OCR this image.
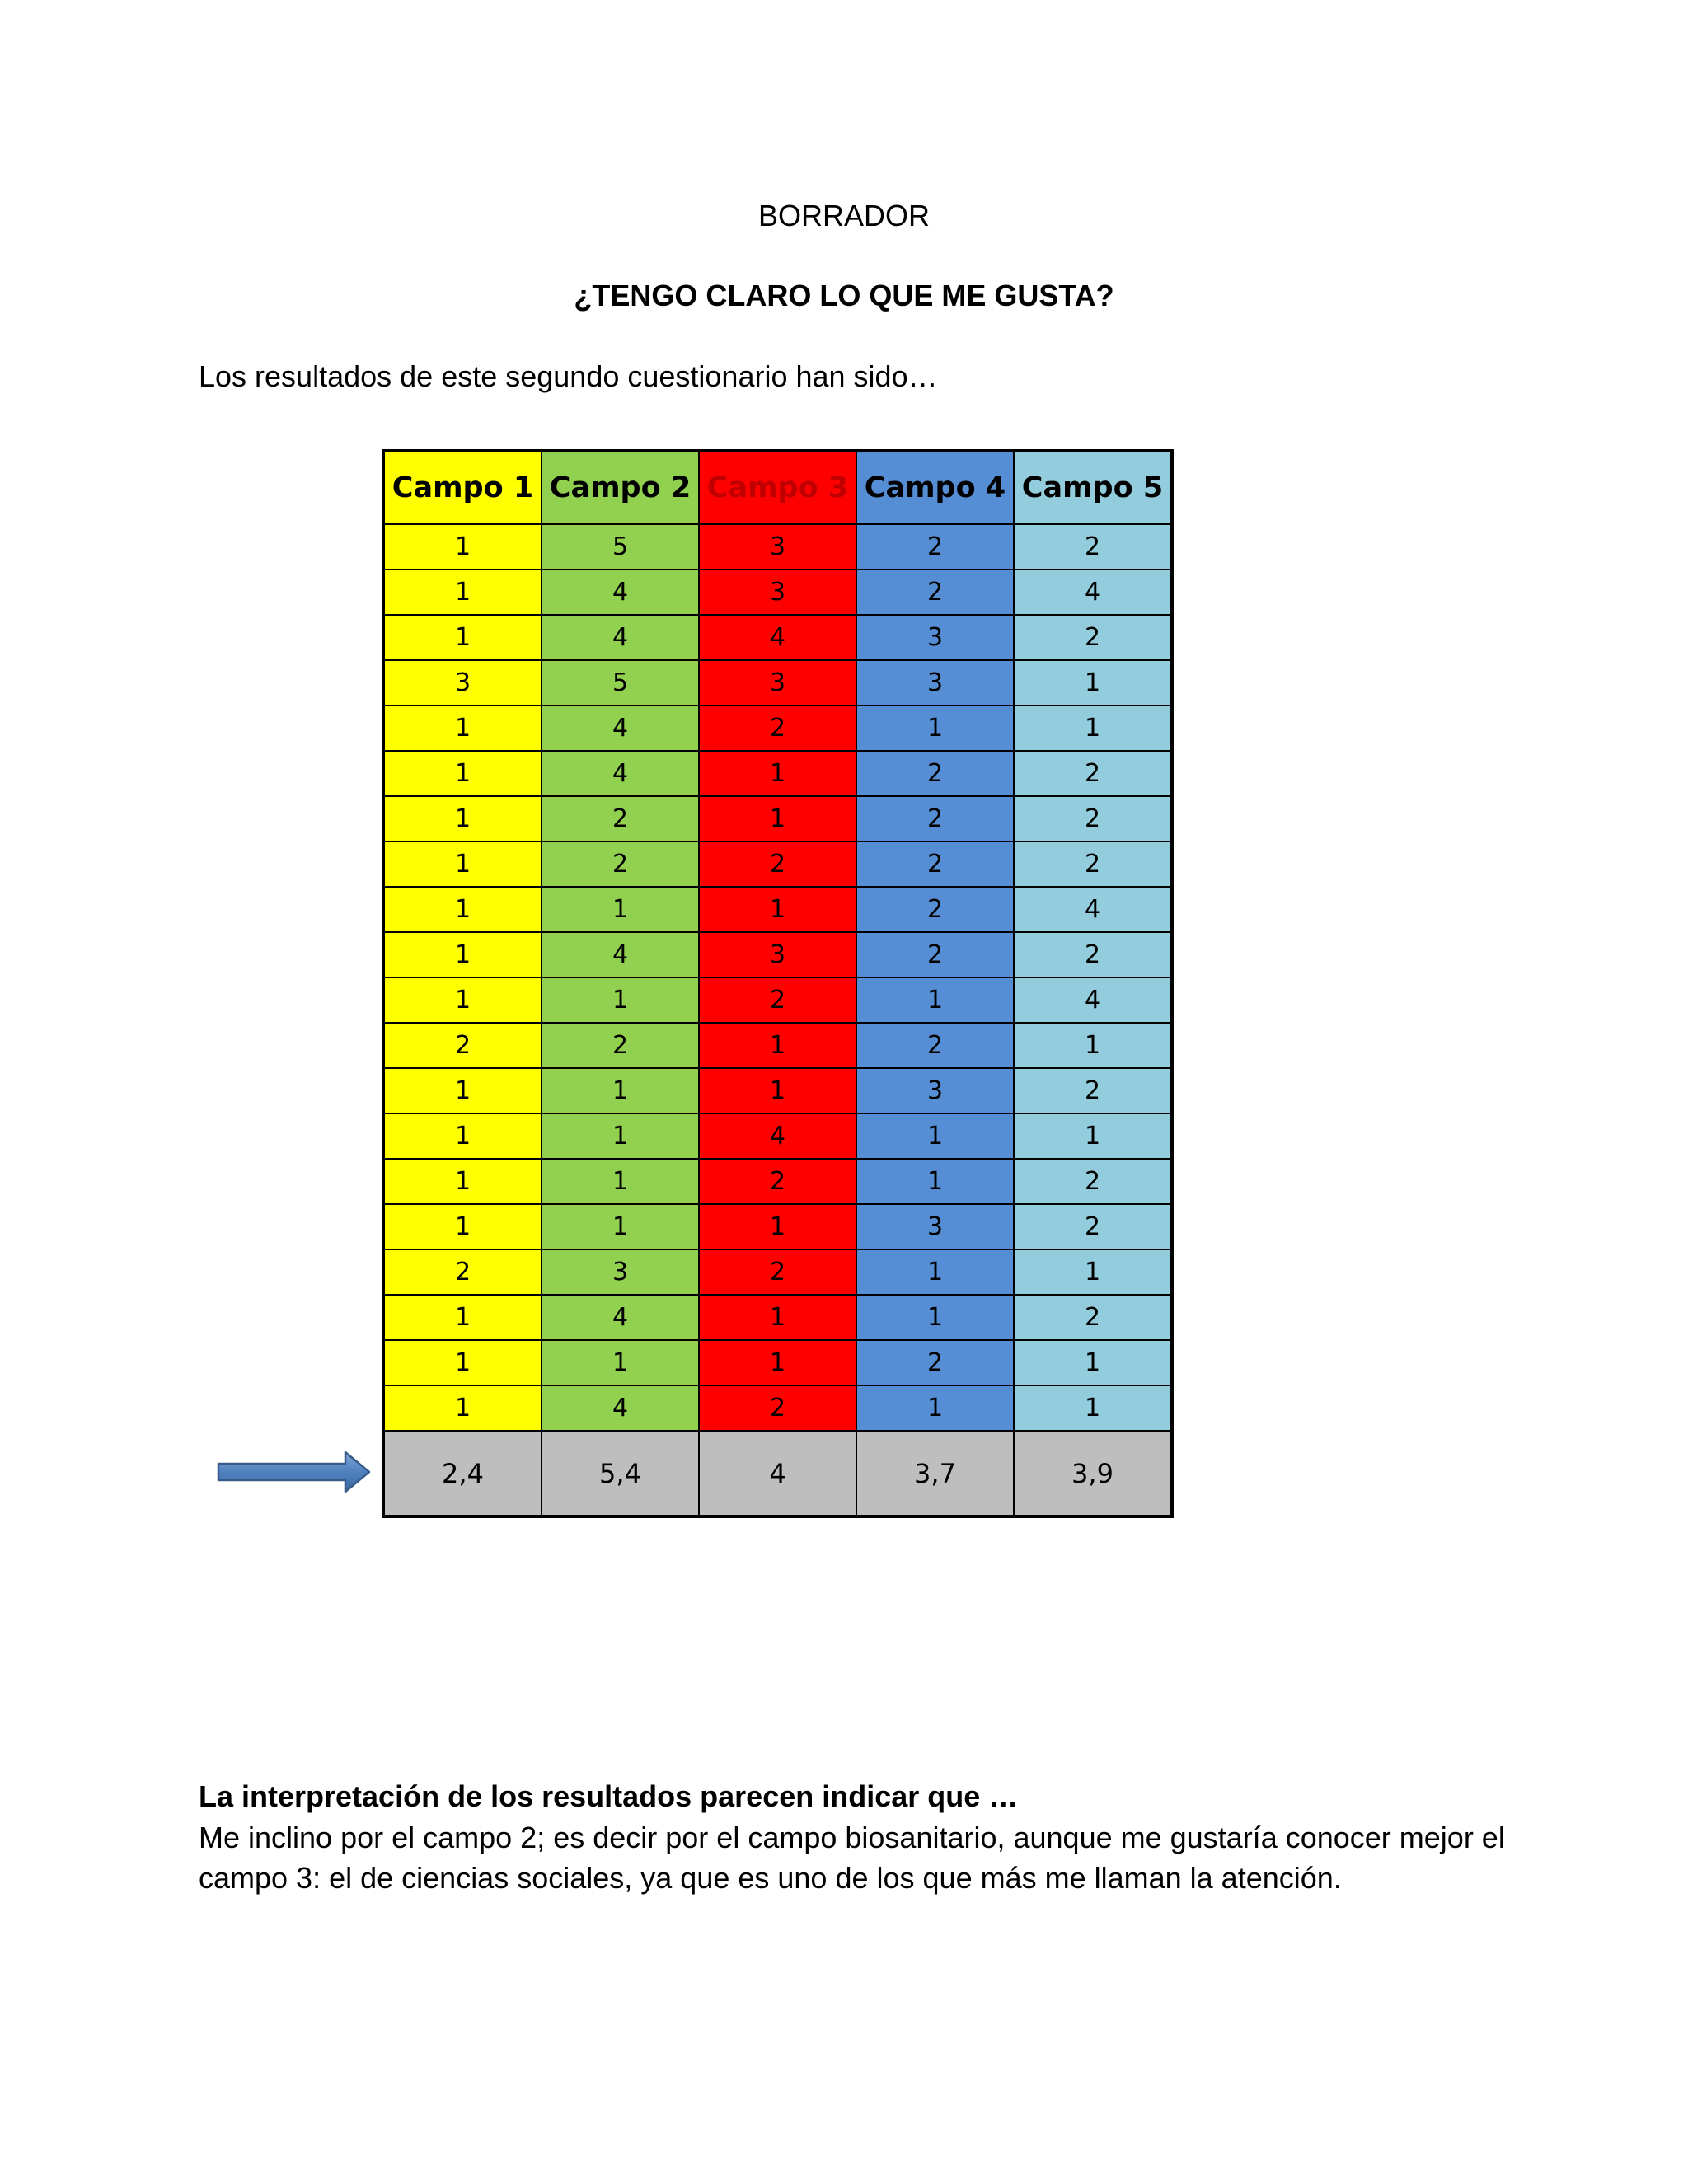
BORRADOR
¿TENGO CLARO LO QUE ME GUSTA?
Los resultados de este segundo cuestionario han sido…
Campo 1	Campo 2	Campo 3	Campo 4	Campo 5
1	5	3	2	2
1	4	3	2	4
1	4	4	3	2
3	5	3	3	1
1	4	2	1	1
1	4	1	2	2
1	2	1	2	2
1	2	2	2	2
1	1	1	2	4
1	4	3	2	2
1	1	2	1	4
2	2	1	2	1
1	1	1	3	2
1	1	4	1	1
1	1	2	1	2
1	1	1	3	2
2	3	2	1	1
1	4	1	1	2
1	1	1	2	1
1	4	2	1	1
2,4	5,4	4	3,7	3,9
La interpretación de los resultados parecen indicar que …
Me inclino por el campo 2; es decir por el campo biosanitario, aunque me gustaría conocer mejor el campo 3: el de ciencias sociales, ya que es uno de los que más me llaman la atención.
